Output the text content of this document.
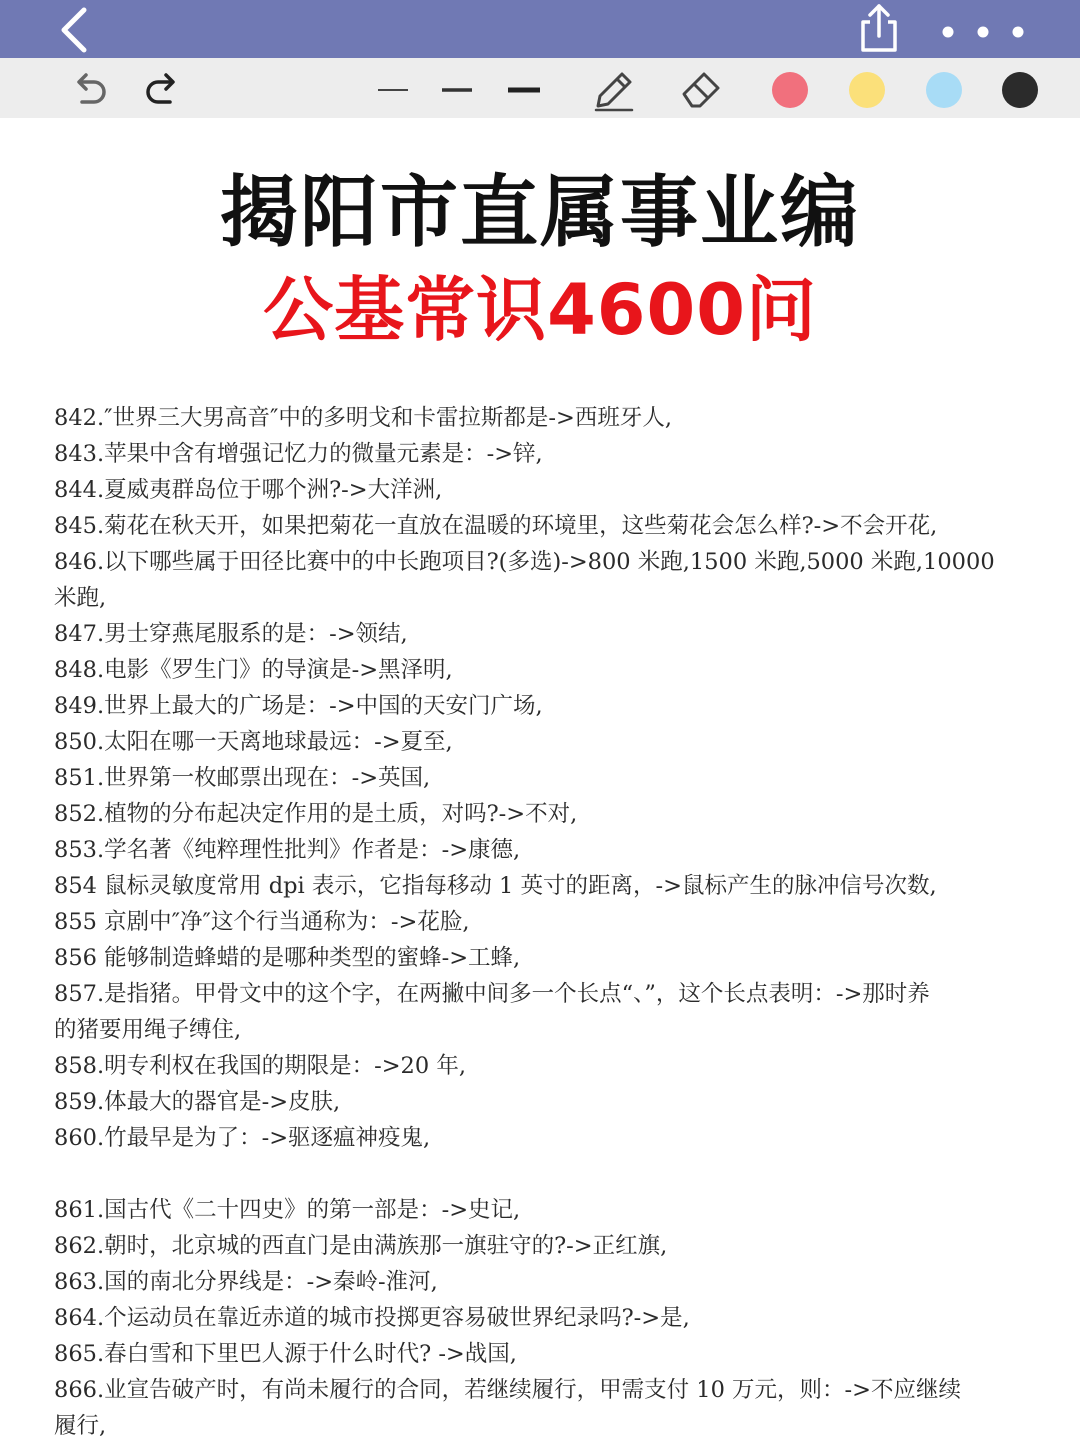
揭阳市直属事业编
公基常识4600问
842.″世界三大男高音″中的多明戈和卡雷拉斯都是->西班牙人,
843.苹果中含有增强记忆力的微量元素是：->锌,
844.夏威夷群岛位于哪个洲?->大洋洲,
845.菊花在秋天开，如果把菊花一直放在温暖的环境里，这些菊花会怎么样?->不会开花,
846.以下哪些属于田径比赛中的中长跑项目?(多选)->800 米跑,1500 米跑,5000 米跑,10000
米跑,
847.男士穿燕尾服系的是：->领结,
848.电影《罗生门》的导演是->黑泽明,
849.世界上最大的广场是：->中国的天安门广场,
850.太阳在哪一天离地球最远：->夏至,
851.世界第一枚邮票出现在：->英国,
852.植物的分布起决定作用的是土质，对吗?->不对,
853.学名著《纯粹理性批判》作者是：->康德,
854 鼠标灵敏度常用 dpi 表示，它指每移动 1 英寸的距离，->鼠标产生的脉冲信号次数,
855 京剧中″净″这个行当通称为：->花脸,
856 能够制造蜂蜡的是哪种类型的蜜蜂->工蜂,
857.是指猪。甲骨文中的这个字，在两撇中间多一个长点“、”，这个长点表明：->那时养
的猪要用绳子缚住,
858.明专利权在我国的期限是：->20 年,
859.体最大的器官是->皮肤,
860.竹最早是为了：->驱逐瘟神疫鬼,
861.国古代《二十四史》的第一部是：->史记,
862.朝时，北京城的西直门是由满族那一旗驻守的?->正红旗,
863.国的南北分界线是：->秦岭-淮河,
864.个运动员在靠近赤道的城市投掷更容易破世界纪录吗?->是,
865.春白雪和下里巴人源于什么时代? ->战国,
866.业宣告破产时，有尚未履行的合同，若继续履行，甲需支付 10 万元，则：->不应继续
履行,
